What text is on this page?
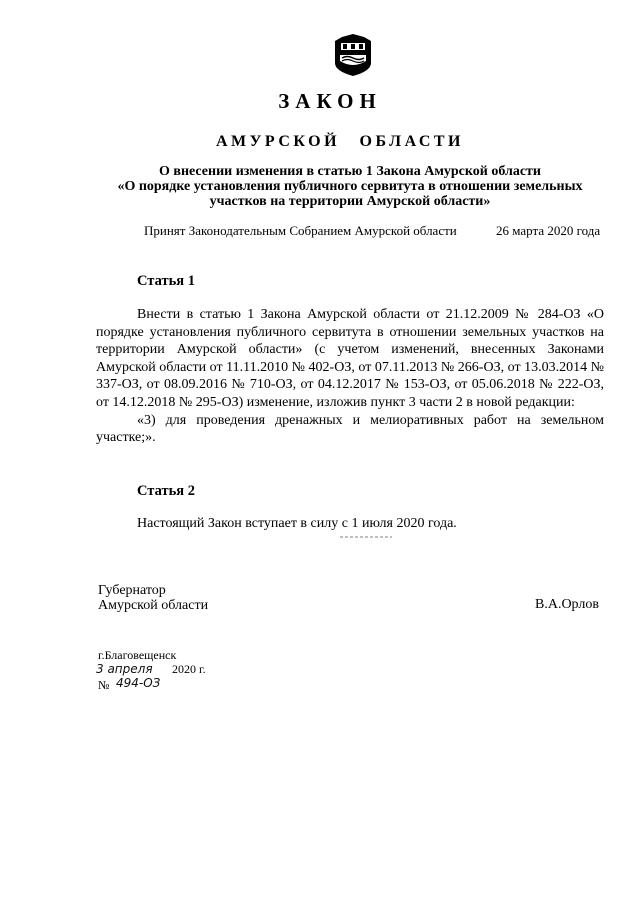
ЗАКОН
АМУРСКОЙ ОБЛАСТИ
О внесении изменения в статью 1 Закона Амурской области
«О порядке установления публичного сервитута в отношении земельных участков на территории Амурской области»
Принят Законодательным Собранием Амурской области	26 марта 2020 года
Статья 1
Внести в статью 1 Закона Амурской области от 21.12.2009 № 284-ОЗ «О порядке установления публичного сервитута в отношении земельных участков на территории Амурской области» (с учетом изменений, внесенных Законами Амурской области от 11.11.2010 № 402-ОЗ, от 07.11.2013 № 266-ОЗ, от 13.03.2014 № 337-ОЗ, от 08.09.2016 № 710-ОЗ, от 04.12.2017 № 153-ОЗ, от 05.06.2018 № 222-ОЗ, от 14.12.2018 № 295-ОЗ) изменение, изложив пункт 3 части 2 в новой редакции:
«3) для проведения дренажных и мелиоративных работ на земельном участке;».
Статья 2
Настоящий Закон вступает в силу с 1 июля 2020 года.
Губернатор
Амурской области	В.А.Орлов
г.Благовещенск
3 апреля 2020 г.
№ 494-ОЗ
